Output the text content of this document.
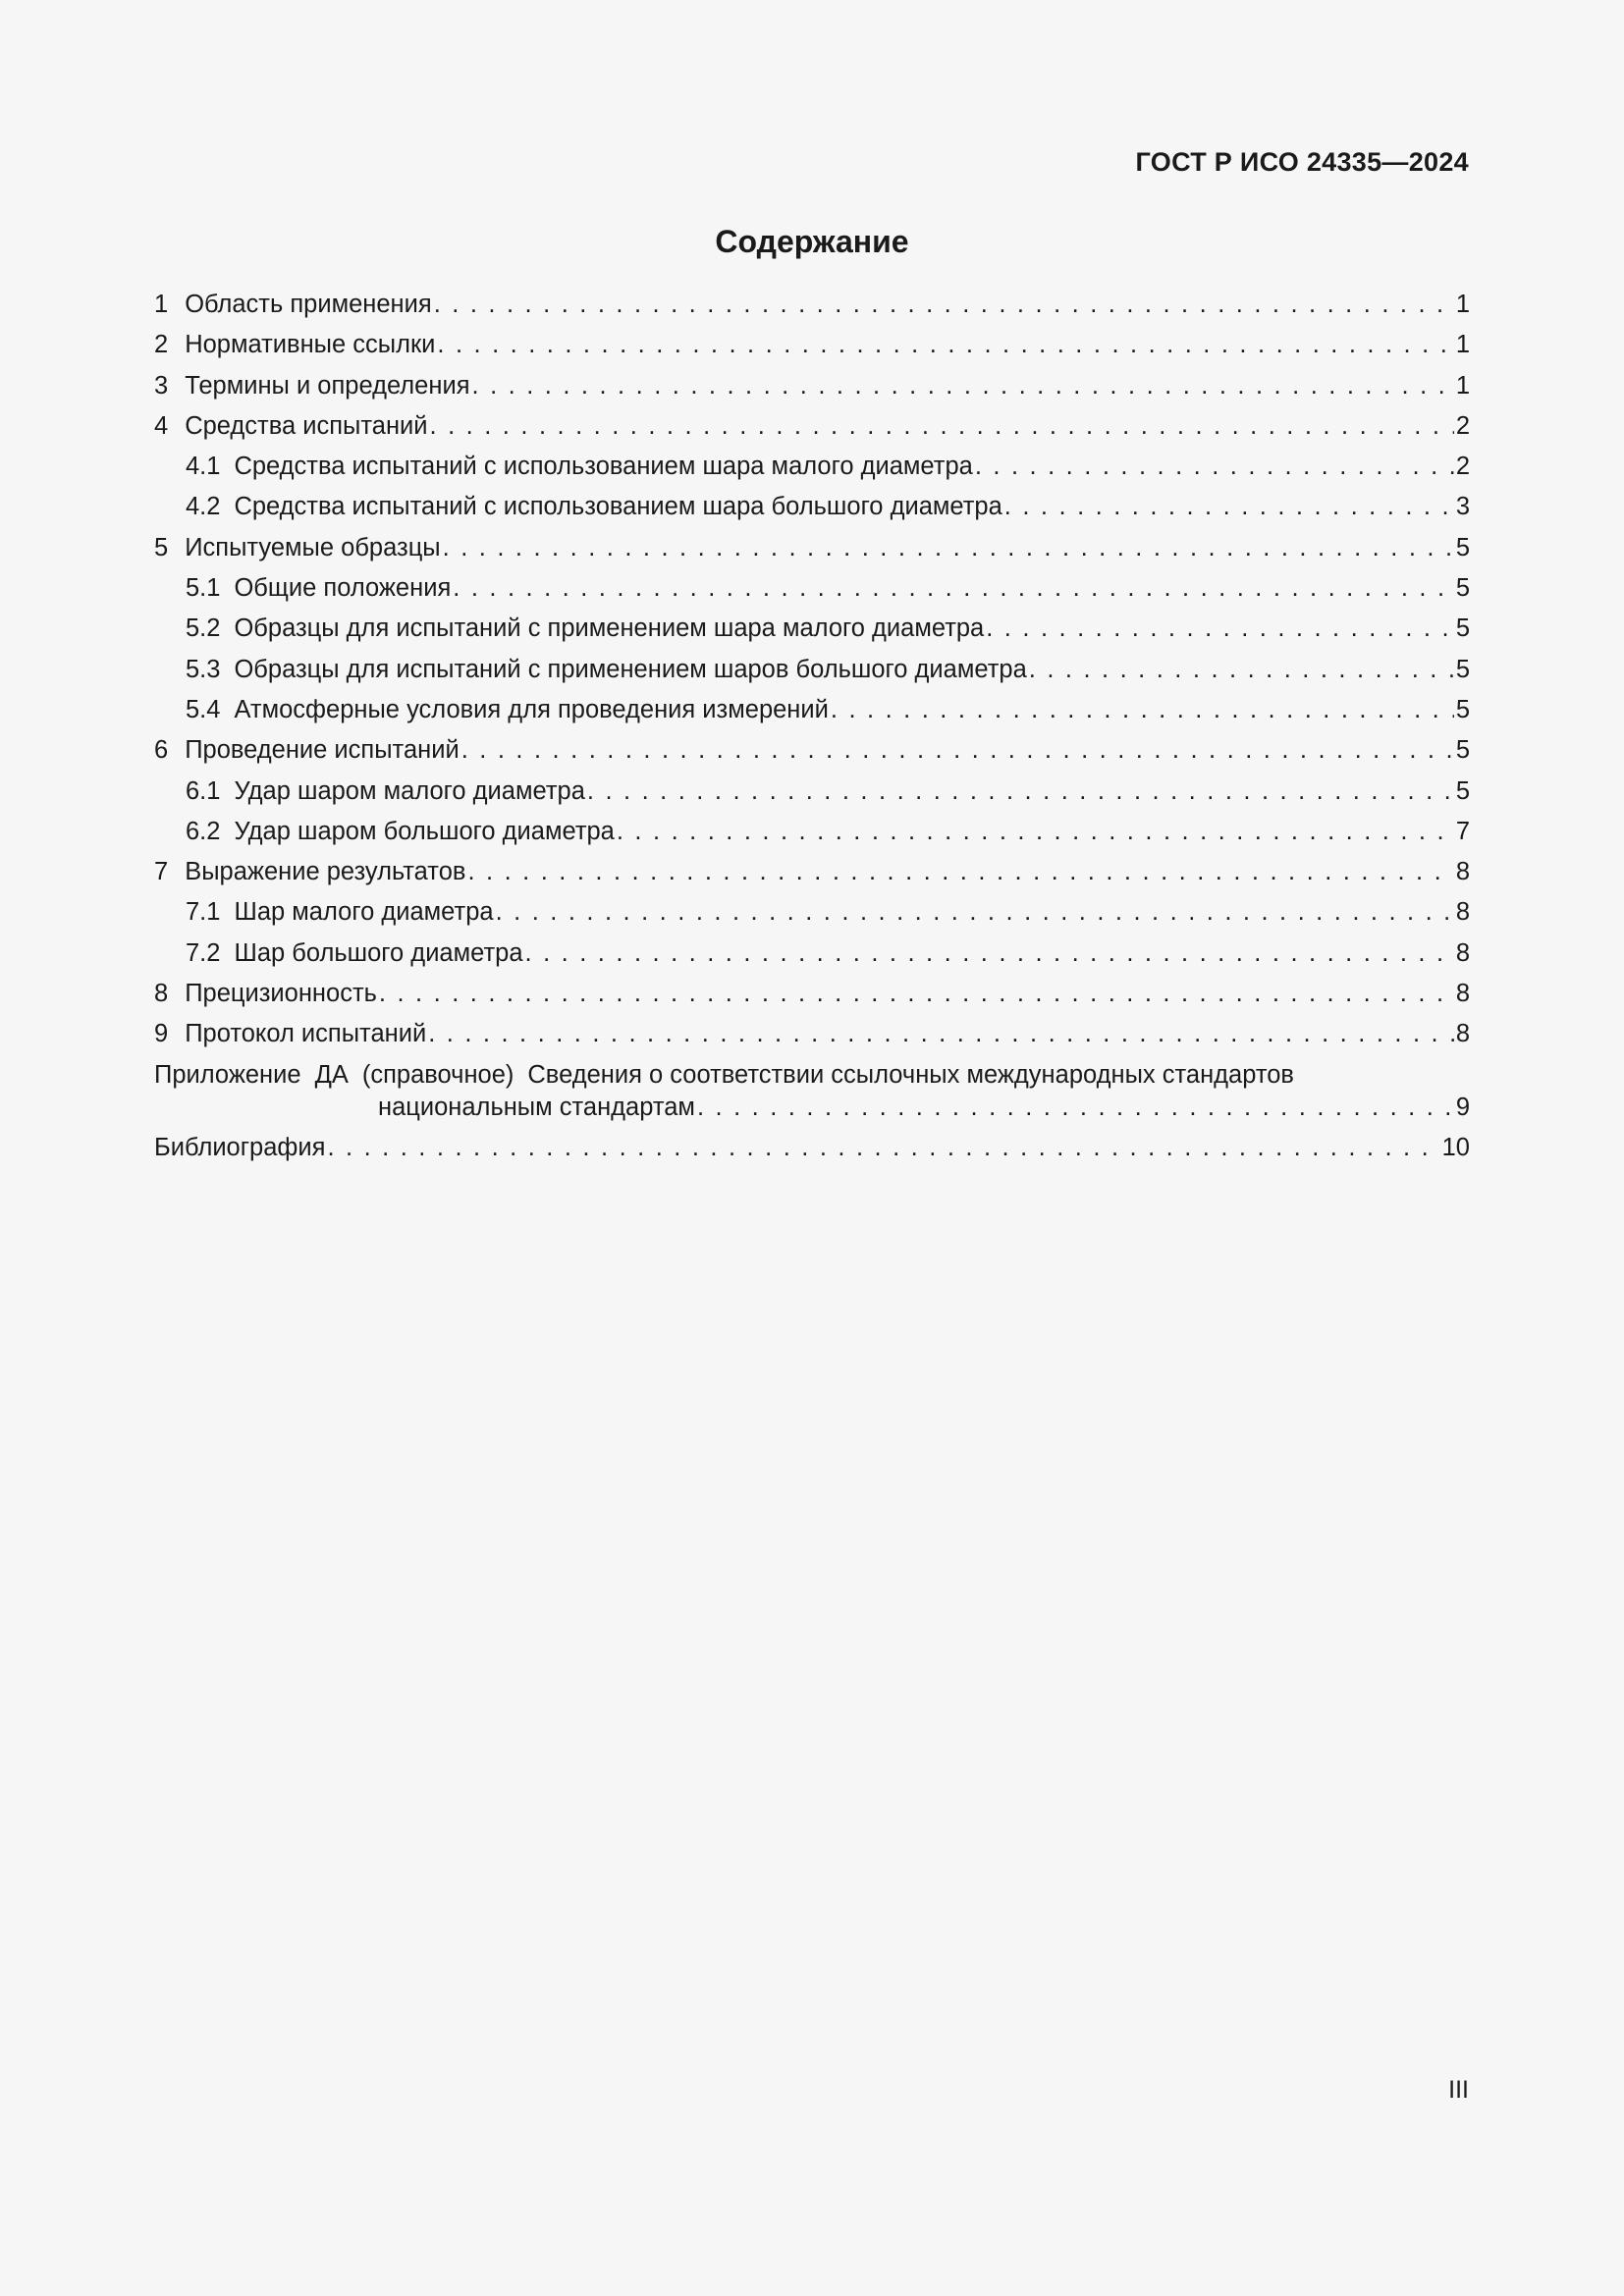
ГОСТ Р ИСО 24335—2024
Содержание
1 Область применения . . .	1
2 Нормативные ссылки . . .	1
3 Термины и определения . . .	1
4 Средства испытаний . . .	2
4.1 Средства испытаний с использованием шара малого диаметра . . .	2
4.2 Средства испытаний с использованием шара большого диаметра . . .	3
5 Испытуемые образцы . . .	5
5.1 Общие положения . . .	5
5.2 Образцы для испытаний с применением шара малого диаметра . . .	5
5.3 Образцы для испытаний с применением шаров большого диаметра . . .	5
5.4 Атмосферные условия для проведения измерений . . .	5
6 Проведение испытаний . . .	5
6.1 Удар шаром малого диаметра . . .	5
6.2 Удар шаром большого диаметра . . .	7
7 Выражение результатов . . .	8
7.1 Шар малого диаметра . . .	8
7.2 Шар большого диаметра . . .	8
8 Прецизионность . . .	8
9 Протокол испытаний . . .	8
Приложение ДА (справочное) Сведения о соответствии ссылочных международных стандартов
национальным стандартам . . .	9
Библиография . . .	10
III
